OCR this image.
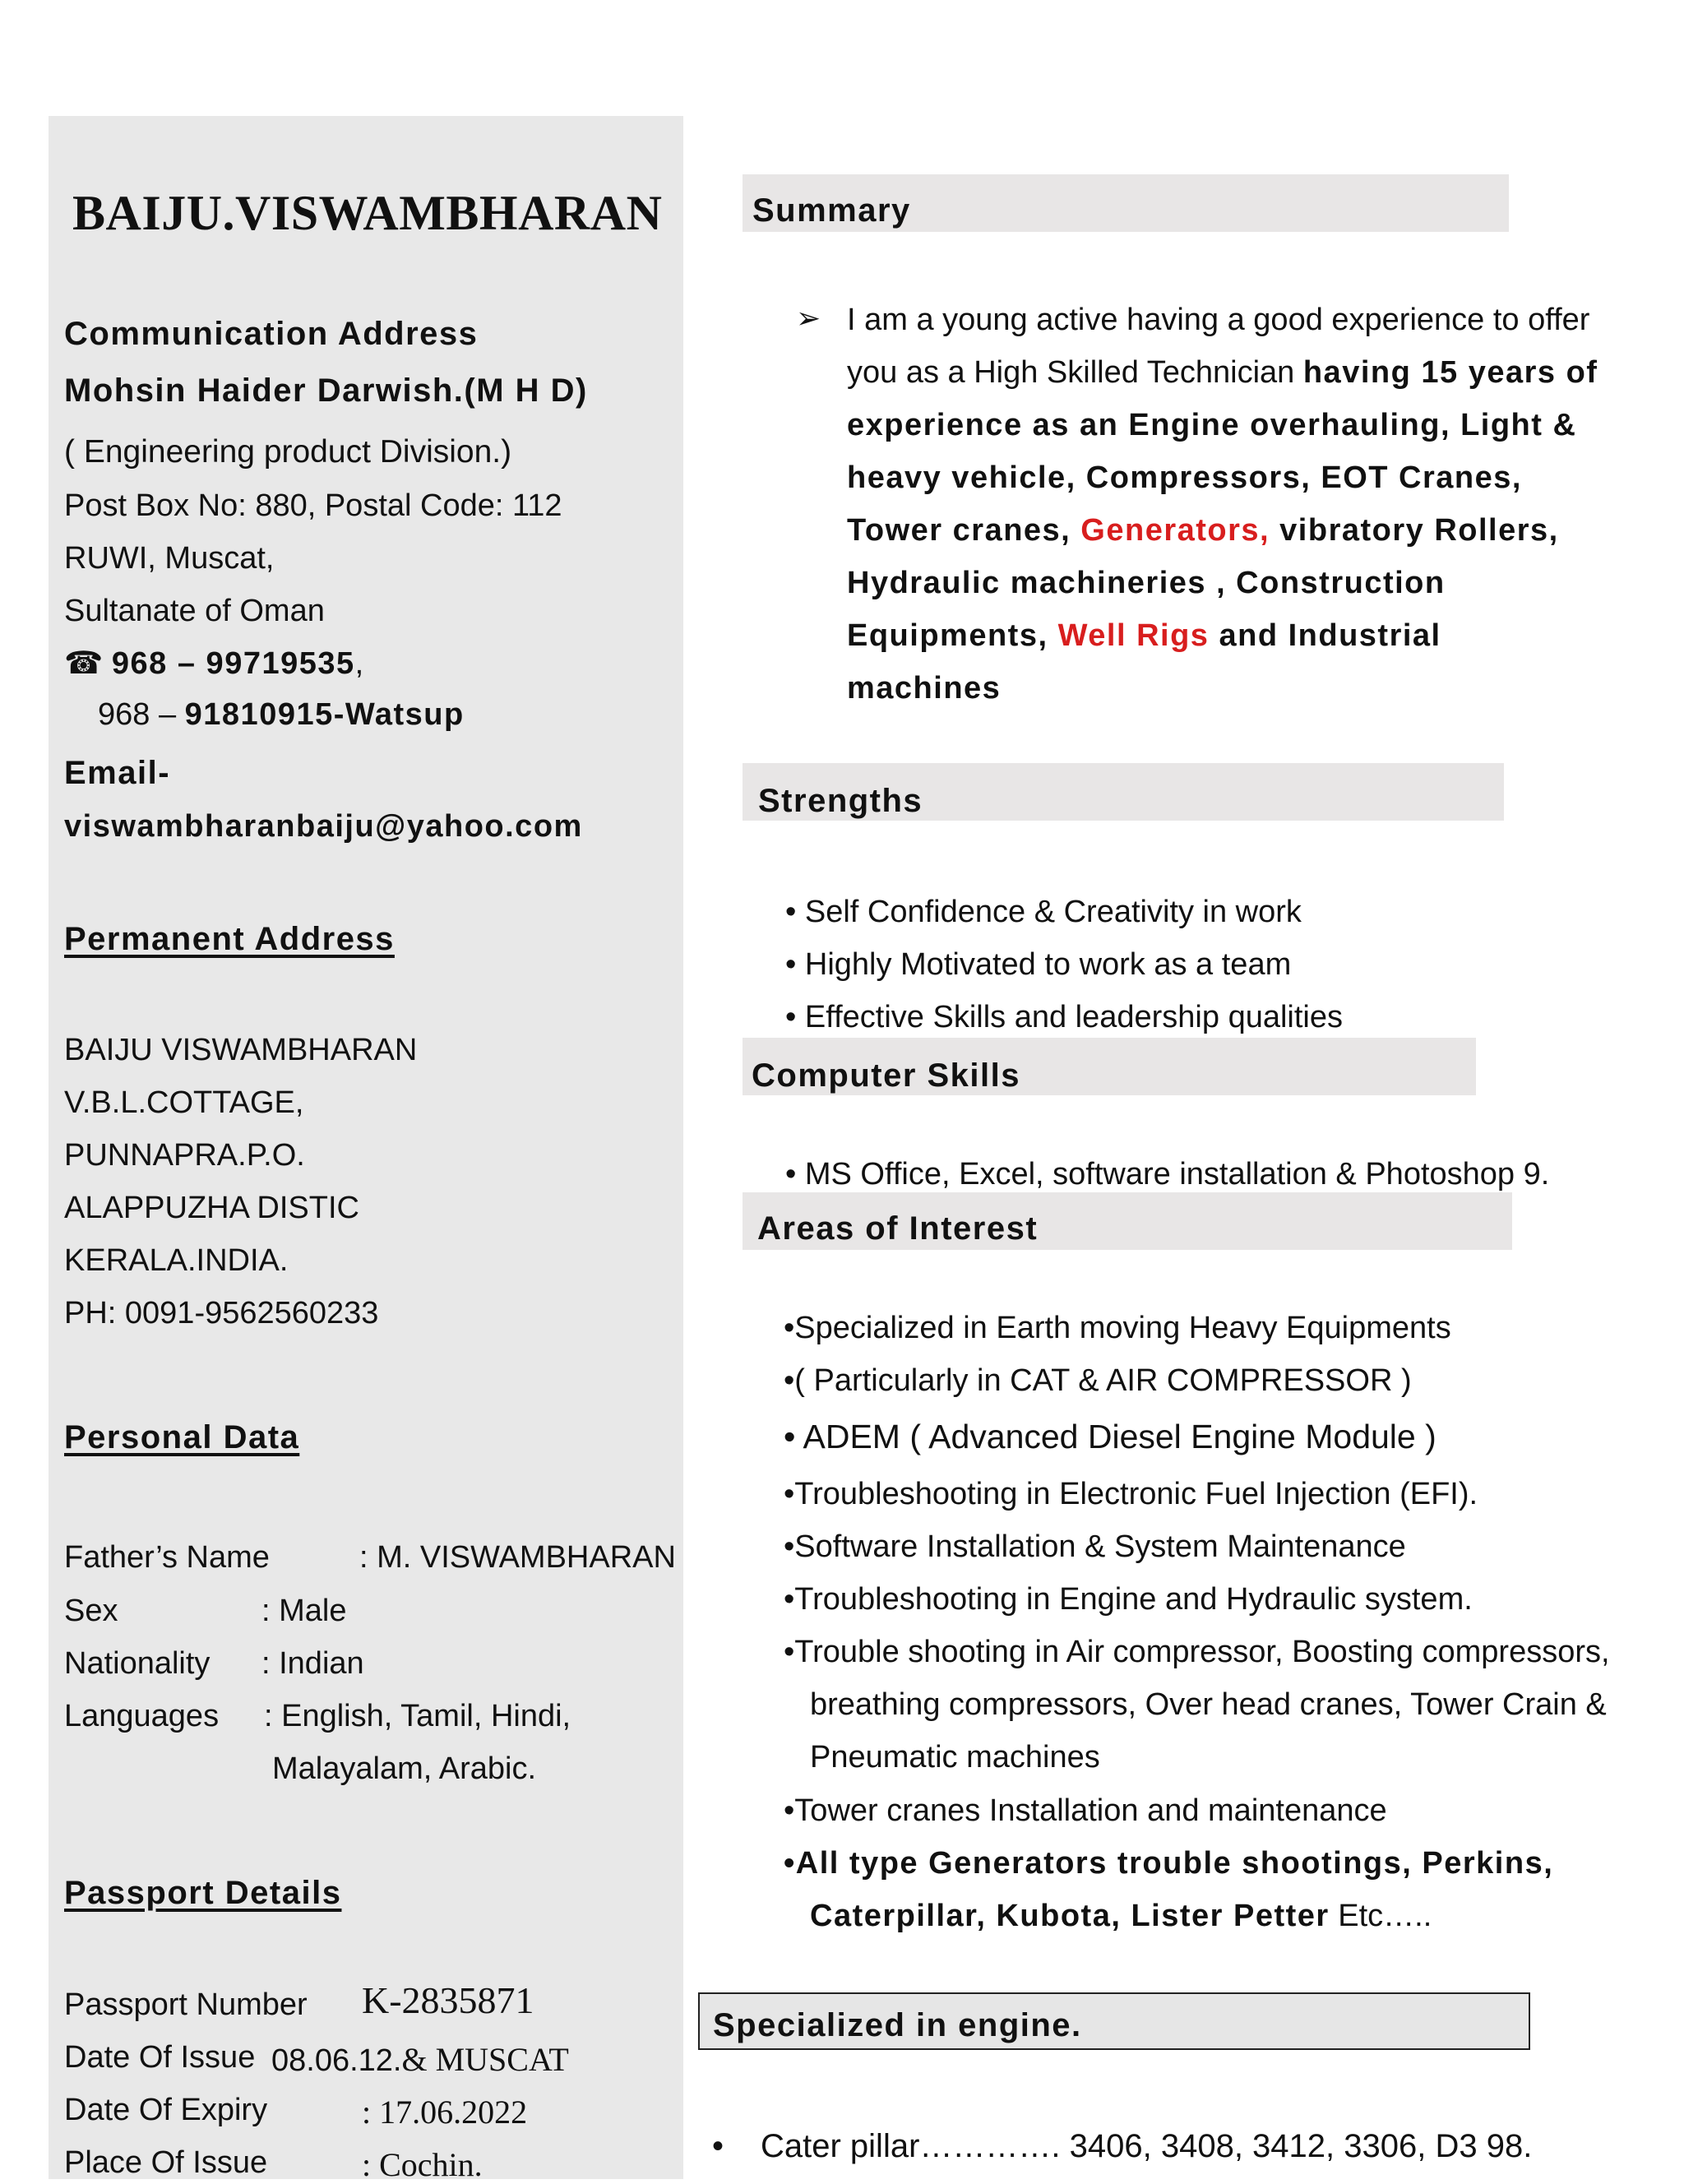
BAIJU.VISWAMBHARAN
Communication Address
Mohsin Haider Darwish.(M H D)
( Engineering product Division.)
Post Box No: 880, Postal Code: 112
RUWI, Muscat,
Sultanate of Oman
☎ 968 – 99719535,
968 – 91810915-Watsup
Email-
viswambharanbaiju@yahoo.com
Permanent Address
BAIJU VISWAMBHARAN
V.B.L.COTTAGE,
PUNNAPRA.P.O.
ALAPPUZHA DISTIC
KERALA.INDIA.
PH: 0091-9562560233
Personal Data
Father’s Name	: M. VISWAMBHARAN
Sex	: Male
Nationality : Indian
Languages : English, Tamil, Hindi,
Malayalam, Arabic.
Passport Details
Passport Number K-2835871
Date Of Issue 08.06.12.& MUSCAT
Date Of Expiry	: 17.06.2022
Place Of Issue	: Cochin.
Summary
➢ I am a young active having a good experience to offer you as a High Skilled Technician having 15 years of experience as an Engine overhauling, Light & heavy vehicle, Compressors, EOT Cranes, Tower cranes, Generators, vibratory Rollers, Hydraulic machineries , Construction Equipments, Well Rigs and Industrial machines
Strengths
• Self Confidence & Creativity in work
• Highly Motivated to work as a team
• Effective Skills and leadership qualities
Computer Skills
• MS Office, Excel, software installation & Photoshop 9.
Areas of Interest
•Specialized in Earth moving Heavy Equipments
•( Particularly in CAT & AIR COMPRESSOR )
• ADEM ( Advanced Diesel Engine Module )
•Troubleshooting in Electronic Fuel Injection (EFI).
•Software Installation & System Maintenance
•Troubleshooting in Engine and Hydraulic system.
•Trouble shooting in Air compressor, Boosting compressors,
breathing compressors, Over head cranes, Tower Crain &
Pneumatic machines
•Tower cranes Installation and maintenance
•All type Generators trouble shootings, Perkins,
Caterpillar, Kubota, Lister Petter Etc…..
Specialized in engine.
• Cater pillar…………. 3406, 3408, 3412, 3306, D3 98.
